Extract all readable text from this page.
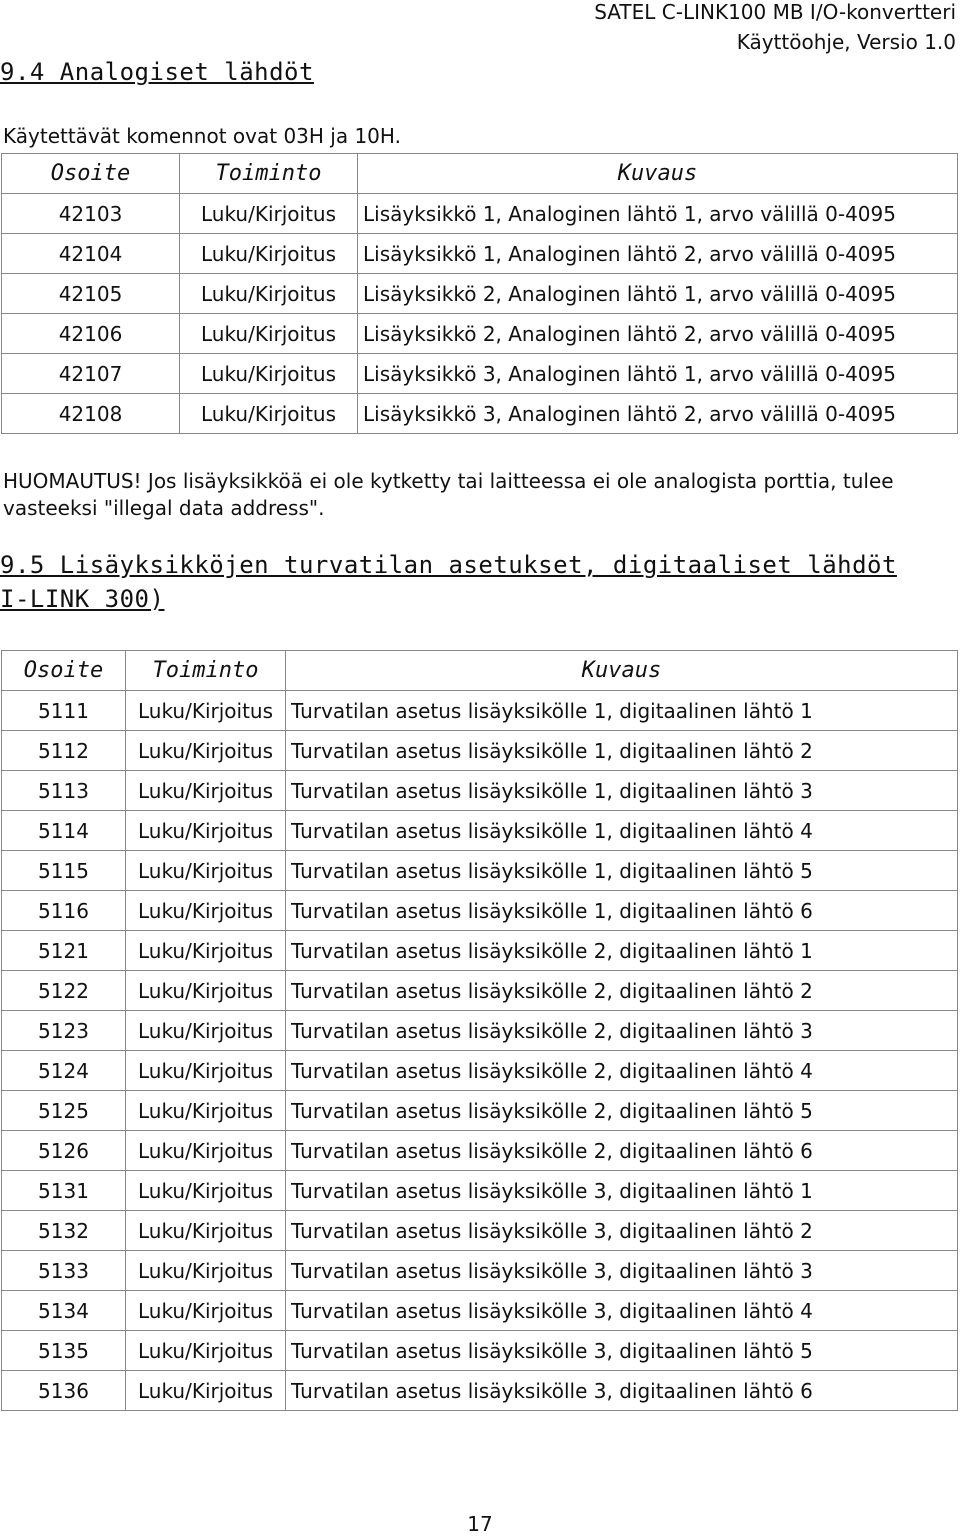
SATEL C-LINK100 MB I/O-konvertteri
Käyttöohje, Versio 1.0
9.4 Analogiset lähdöt
Käytettävät komennot ovat 03H ja 10H.
Osoite	Toiminto	Kuvaus
42103	Luku/Kirjoitus	Lisäyksikkö 1, Analoginen lähtö 1, arvo välillä 0-4095
42104	Luku/Kirjoitus	Lisäyksikkö 1, Analoginen lähtö 2, arvo välillä 0-4095
42105	Luku/Kirjoitus	Lisäyksikkö 2, Analoginen lähtö 1, arvo välillä 0-4095
42106	Luku/Kirjoitus	Lisäyksikkö 2, Analoginen lähtö 2, arvo välillä 0-4095
42107	Luku/Kirjoitus	Lisäyksikkö 3, Analoginen lähtö 1, arvo välillä 0-4095
42108	Luku/Kirjoitus	Lisäyksikkö 3, Analoginen lähtö 2, arvo välillä 0-4095
HUOMAUTUS! Jos lisäyksikköä ei ole kytketty tai laitteessa ei ole analogista porttia, tulee vasteeksi "illegal data address".
9.5 Lisäyksikköjen turvatilan asetukset, digitaaliset lähdöt I-LINK 300)
Osoite	Toiminto	Kuvaus
5111	Luku/Kirjoitus	Turvatilan asetus lisäyksikölle 1, digitaalinen lähtö 1
5112	Luku/Kirjoitus	Turvatilan asetus lisäyksikölle 1, digitaalinen lähtö 2
5113	Luku/Kirjoitus	Turvatilan asetus lisäyksikölle 1, digitaalinen lähtö 3
5114	Luku/Kirjoitus	Turvatilan asetus lisäyksikölle 1, digitaalinen lähtö 4
5115	Luku/Kirjoitus	Turvatilan asetus lisäyksikölle 1, digitaalinen lähtö 5
5116	Luku/Kirjoitus	Turvatilan asetus lisäyksikölle 1, digitaalinen lähtö 6
5121	Luku/Kirjoitus	Turvatilan asetus lisäyksikölle 2, digitaalinen lähtö 1
5122	Luku/Kirjoitus	Turvatilan asetus lisäyksikölle 2, digitaalinen lähtö 2
5123	Luku/Kirjoitus	Turvatilan asetus lisäyksikölle 2, digitaalinen lähtö 3
5124	Luku/Kirjoitus	Turvatilan asetus lisäyksikölle 2, digitaalinen lähtö 4
5125	Luku/Kirjoitus	Turvatilan asetus lisäyksikölle 2, digitaalinen lähtö 5
5126	Luku/Kirjoitus	Turvatilan asetus lisäyksikölle 2, digitaalinen lähtö 6
5131	Luku/Kirjoitus	Turvatilan asetus lisäyksikölle 3, digitaalinen lähtö 1
5132	Luku/Kirjoitus	Turvatilan asetus lisäyksikölle 3, digitaalinen lähtö 2
5133	Luku/Kirjoitus	Turvatilan asetus lisäyksikölle 3, digitaalinen lähtö 3
5134	Luku/Kirjoitus	Turvatilan asetus lisäyksikölle 3, digitaalinen lähtö 4
5135	Luku/Kirjoitus	Turvatilan asetus lisäyksikölle 3, digitaalinen lähtö 5
5136	Luku/Kirjoitus	Turvatilan asetus lisäyksikölle 3, digitaalinen lähtö 6
17
